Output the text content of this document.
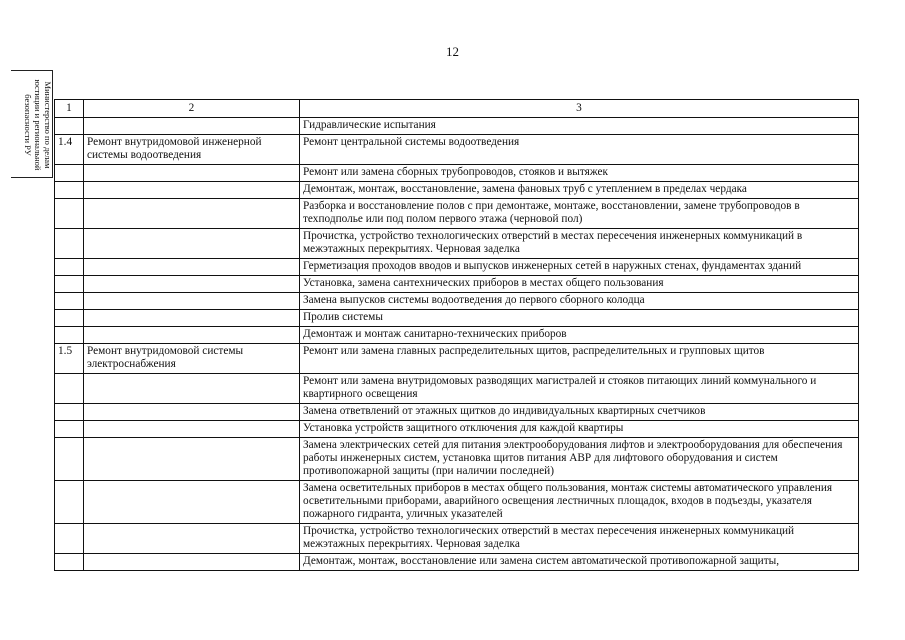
12
Министерство по делам
юстиции и региональной
безопасности РУ	1	2	3
		Гидравлические испытания
1.4	Ремонт внутридомовой инженерной системы водоотведения	Ремонт центральной системы водоотведения
		Ремонт или замена сборных трубопроводов, стояков и вытяжек
		Демонтаж, монтаж, восстановление, замена фановых труб с утеплением в пределах чердака
		Разборка и восстановление полов с при демонтаже, монтаже, восстановлении, замене трубопроводов в техподполье или под полом первого этажа (черновой пол)
		Прочистка, устройство технологических отверстий в местах пересечения инженерных коммуникаций в межэтажных перекрытиях. Черновая заделка
		Герметизация проходов вводов и выпусков инженерных сетей в наружных стенах, фундаментах зданий
		Установка, замена сантехнических приборов в местах общего пользования
		Замена выпусков системы водоотведения до первого сборного колодца
		Пролив системы
		Демонтаж и монтаж санитарно-технических приборов
1.5	Ремонт внутридомовой системы электроснабжения	Ремонт или замена главных распределительных щитов, распределительных и групповых щитов
		Ремонт или замена внутридомовых разводящих магистралей и стояков питающих линий коммунального и квартирного освещения
		Замена ответвлений от этажных щитков до индивидуальных квартирных счетчиков
		Установка устройств защитного отключения для каждой квартиры
		Замена электрических сетей для питания электрооборудования лифтов и электрооборудования для обеспечения работы инженерных систем, установка щитов питания АВР для лифтового оборудования и систем противопожарной защиты (при наличии последней)
		Замена осветительных приборов в местах общего пользования, монтаж системы автоматического управления осветительными приборами, аварийного освещения лестничных площадок, входов в подъезды, указателя пожарного гидранта, уличных указателей
		Прочистка, устройство технологических отверстий в местах пересечения инженерных коммуникаций межэтажных перекрытиях. Черновая заделка
		Демонтаж, монтаж, восстановление или замена систем автоматической противопожарной защиты,
